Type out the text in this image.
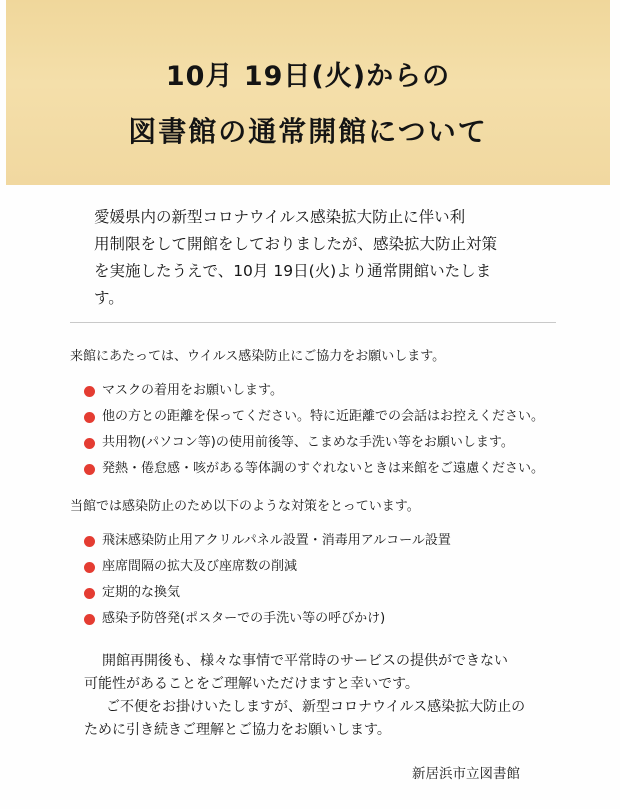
10月 19日(火)からの
図書館の通常開館について

愛媛県内の新型コロナウイルス感染拡大防止に伴い利

用制限をして開館をしておりましたが、感染拡大防止対策

を実施したうえで、10月 19日(火)より通常開館いたしま

す。

来館にあたっては、ウイルス感染防止にご協力をお願いします。
マスクの着用をお願いします。
他の方との距離を保ってください。特に近距離での会話はお控えください。
共用物(パソコン等)の使用前後等、こまめな手洗い等をお願いします。
発熱・倦怠感・咳がある等体調のすぐれないときは来館をご遠慮ください。
当館では感染防止のため以下のような対策をとっています。
飛沫感染防止用アクリルパネル設置・消毒用アルコール設置
座席間隔の拡大及び座席数の削減
定期的な換気
感染予防啓発(ポスターでの手洗い等の呼びかけ)

開館再開後も、様々な事情で平常時のサービスの提供ができない

可能性があることをご理解いただけますと幸いです。

ご不便をお掛けいたしますが、新型コロナウイルス感染拡大防止の

ために引き続きご理解とご協力をお願いします。

新居浜市立図書館
